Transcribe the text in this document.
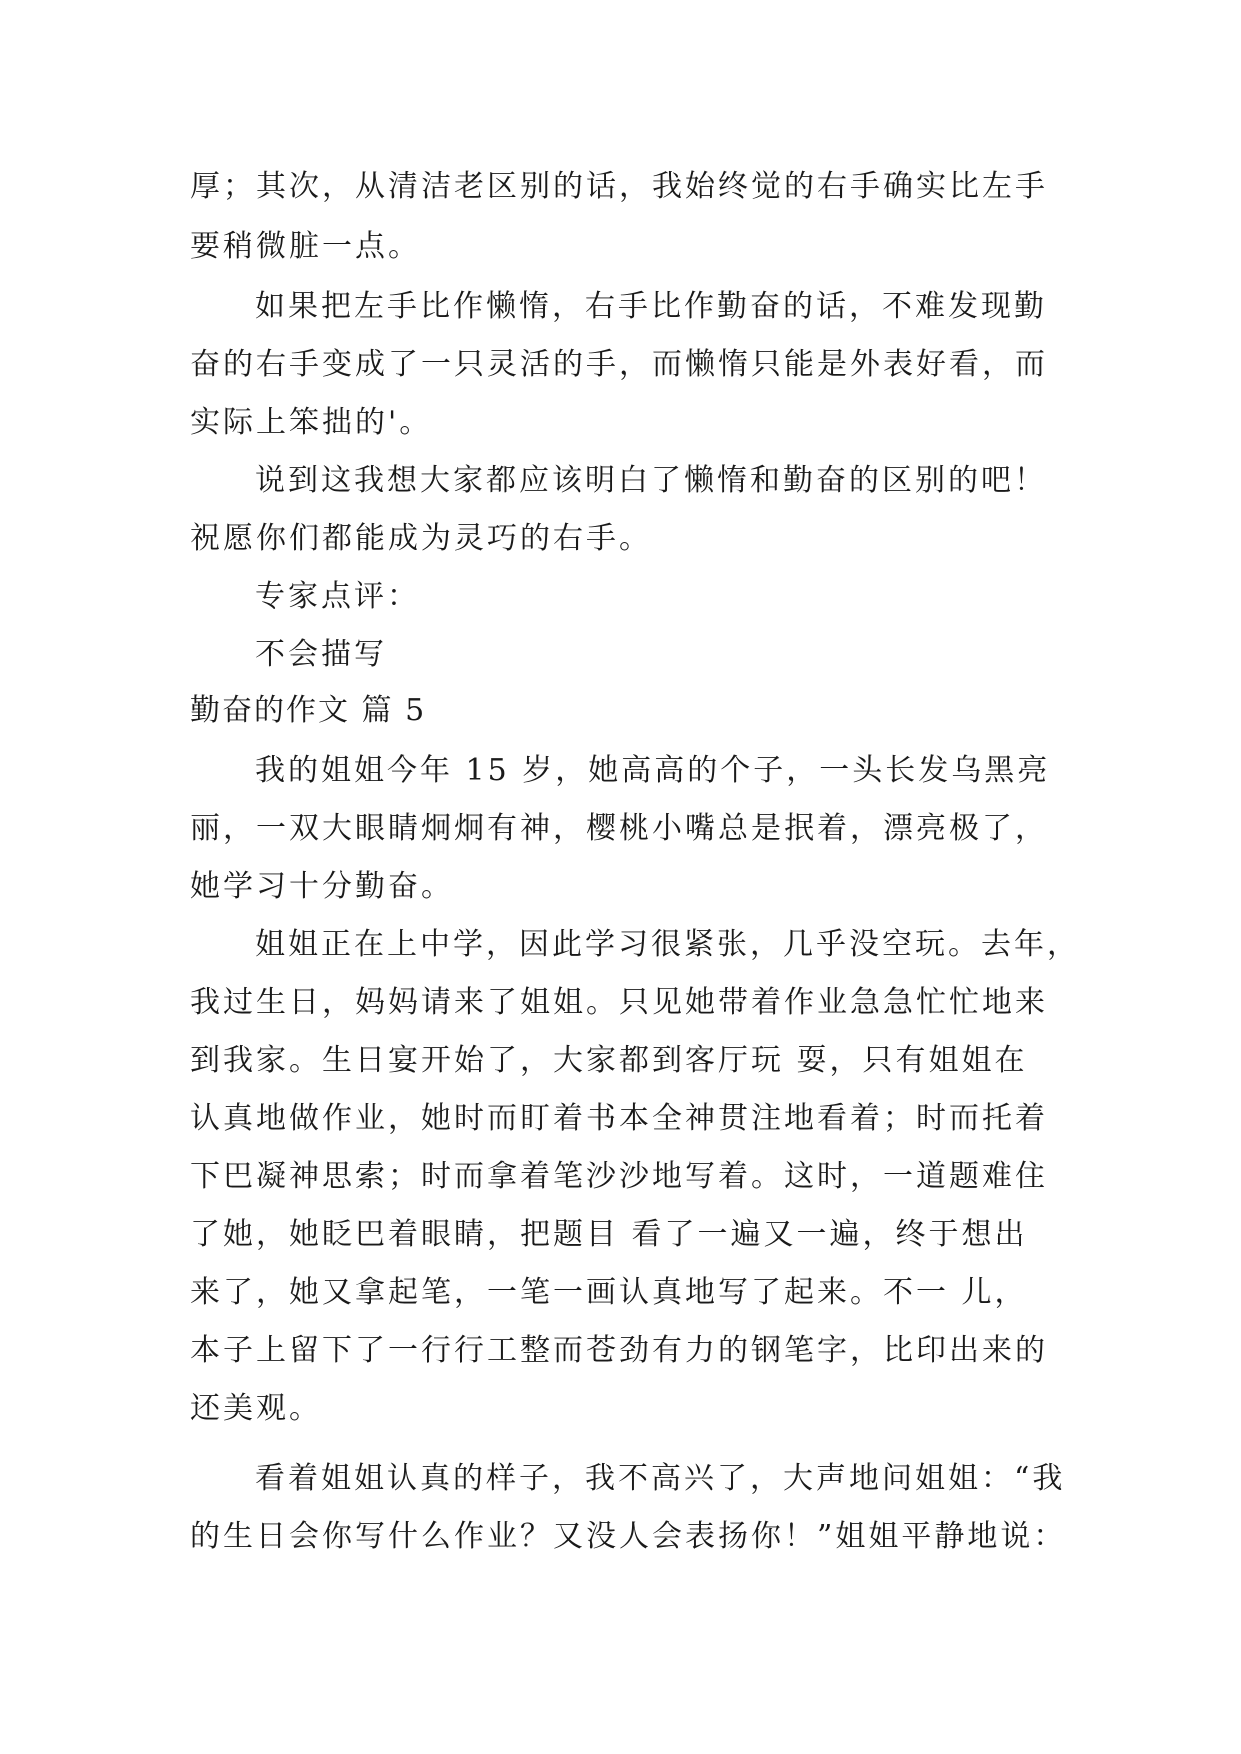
厚；其次，从清洁老区别的话，我始终觉的右手确实比左手

要稍微脏一点。

如果把左手比作懒惰，右手比作勤奋的话，不难发现勤

奋的右手变成了一只灵活的手，而懒惰只能是外表好看，而

实际上笨拙的'。

说到这我想大家都应该明白了懒惰和勤奋的区别的吧！

祝愿你们都能成为灵巧的右手。

专家点评：

不会描写

勤奋的作文 篇 5

我的姐姐今年 15 岁，她高高的个子，一头长发乌黑亮

丽，一双大眼睛炯炯有神，樱桃小嘴总是抿着，漂亮极了，

她学习十分勤奋。

姐姐正在上中学，因此学习很紧张，几乎没空玩。去年，

我过生日，妈妈请来了姐姐。只见她带着作业急急忙忙地来

到我家。生日宴开始了，大家都到客厅玩 耍，只有姐姐在

认真地做作业，她时而盯着书本全神贯注地看着；时而托着

下巴凝神思索；时而拿着笔沙沙地写着。这时，一道题难住

了她，她眨巴着眼睛，把题目 看了一遍又一遍，终于想出

来了，她又拿起笔，一笔一画认真地写了起来。不一 儿，

本子上留下了一行行工整而苍劲有力的钢笔字，比印出来的

还美观。

看着姐姐认真的样子，我不高兴了，大声地问姐姐：“我

的生日会你写什么作业？又没人会表扬你！”姐姐平静地说：
